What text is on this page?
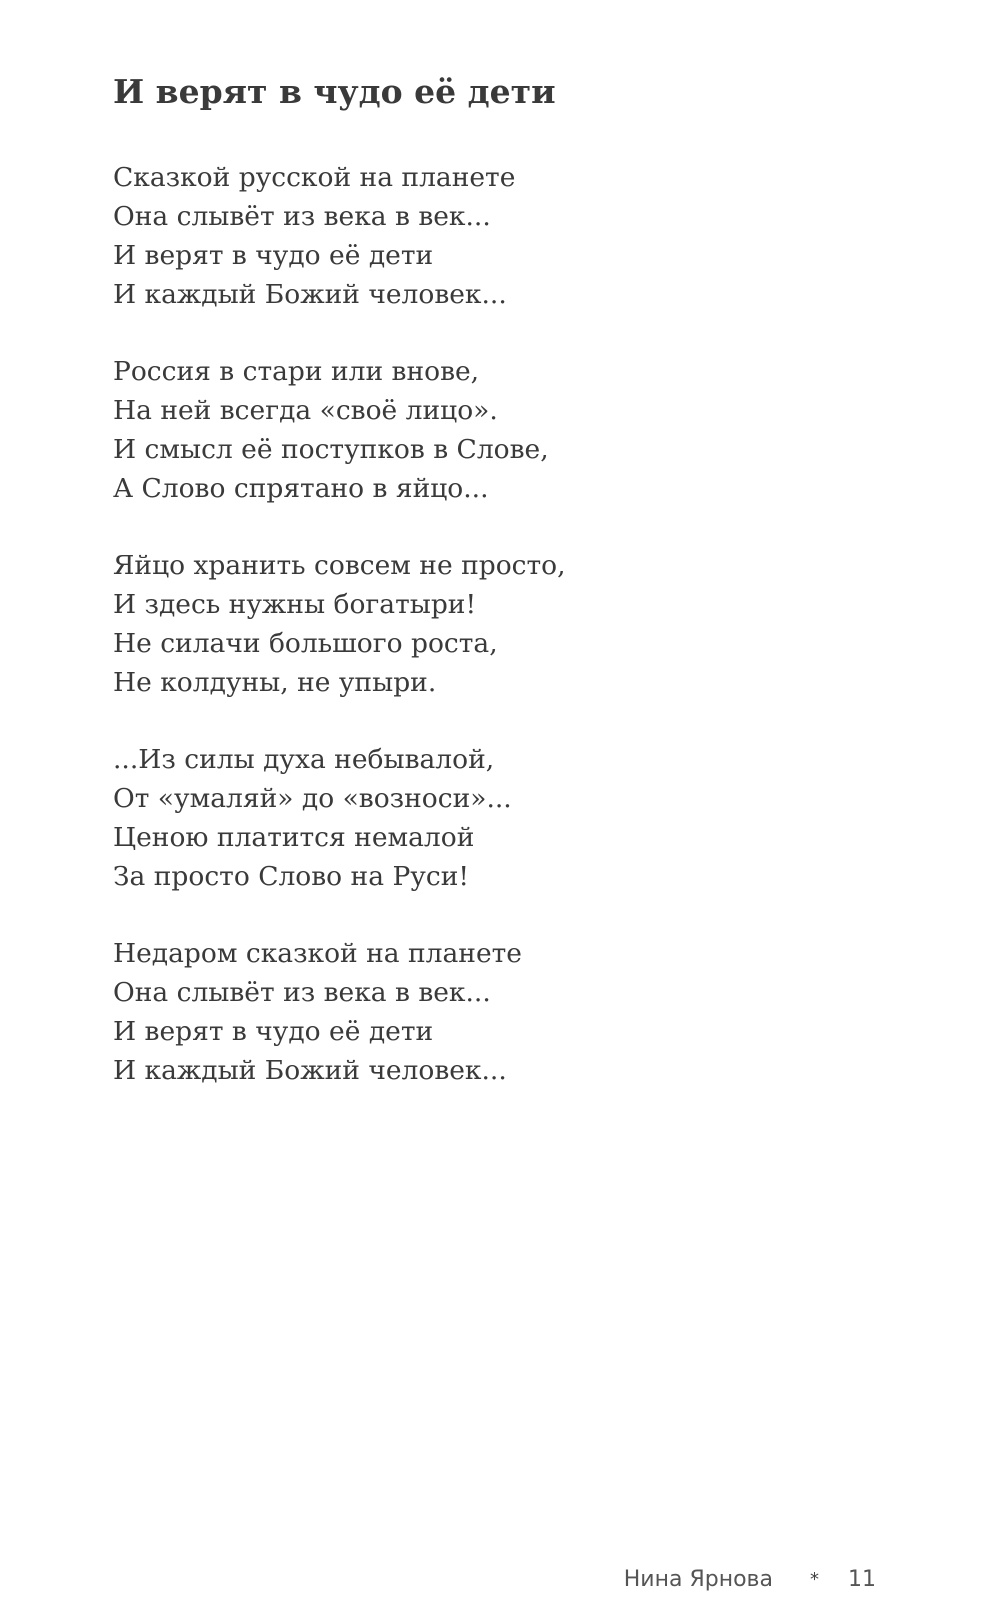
И верят в чудо её дети
Сказкой русской на планете
Она слывёт из века в век...
И верят в чудо её дети
И каждый Божий человек...
Россия в стари или внове,
На ней всегда «своё лицо».
И смысл её поступков в Слове,
А Слово спрятано в яйцо...
Яйцо хранить совсем не просто,
И здесь нужны богатыри!
Не силачи большого роста,
Не колдуны, не упыри.
...Из силы духа небывалой,
От «умаляй» до «возноси»...
Ценою платится немалой
За просто Слово на Руси!
Недаром сказкой на планете
Она слывёт из века в век...
И верят в чудо её дети
И каждый Божий человек...
Нина Ярнова * 11
